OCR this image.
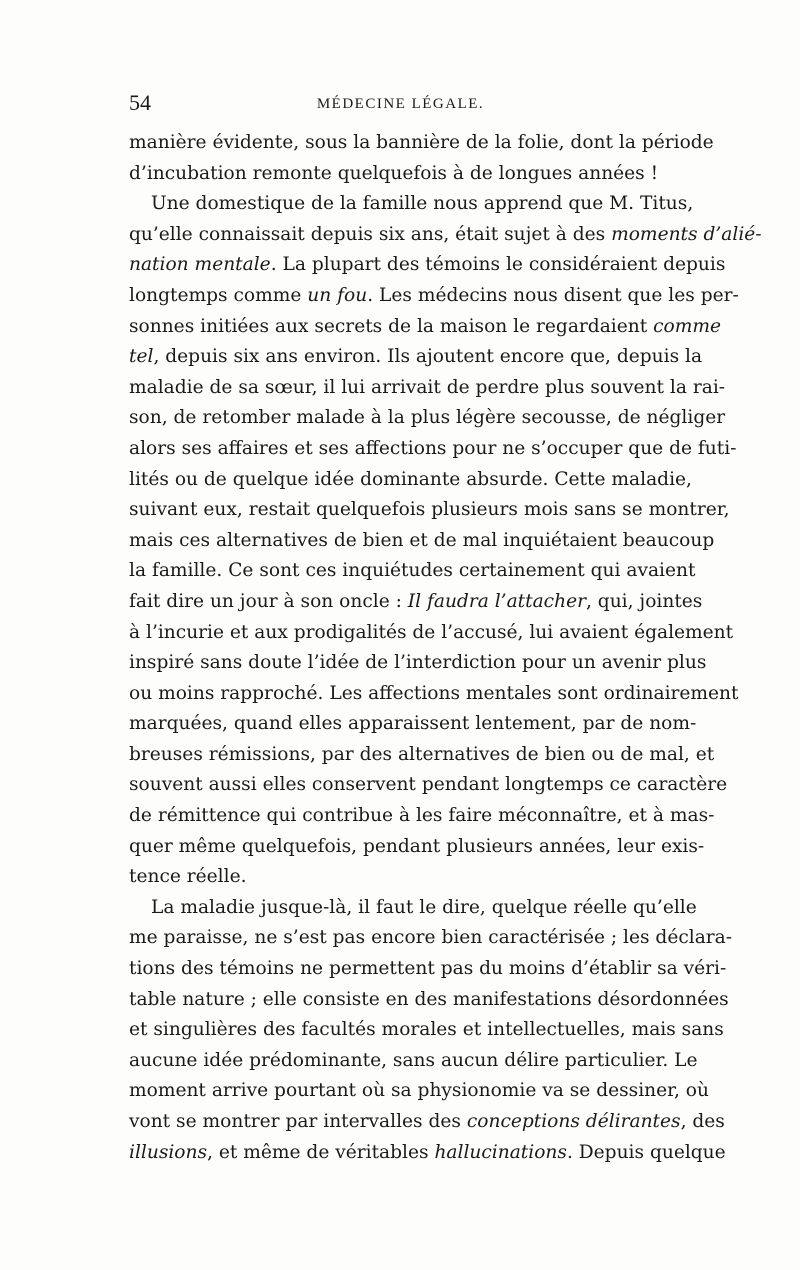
54	MÉDECINE LÉGALE.
manière évidente, sous la bannière de la folie, dont la période
d’incubation remonte quelquefois à de longues années !
Une domestique de la famille nous apprend que M. Titus,
qu’elle connaissait depuis six ans, était sujet à des moments d’alié-
nation mentale. La plupart des témoins le considéraient depuis
longtemps comme un fou. Les médecins nous disent que les per-
sonnes initiées aux secrets de la maison le regardaient comme
tel, depuis six ans environ. Ils ajoutent encore que, depuis la
maladie de sa sœur, il lui arrivait de perdre plus souvent la rai-
son, de retomber malade à la plus légère secousse, de négliger
alors ses affaires et ses affections pour ne s’occuper que de futi-
lités ou de quelque idée dominante absurde. Cette maladie,
suivant eux, restait quelquefois plusieurs mois sans se montrer,
mais ces alternatives de bien et de mal inquiétaient beaucoup
la famille. Ce sont ces inquiétudes certainement qui avaient
fait dire un jour à son oncle : Il faudra l’attacher, qui, jointes
à l’incurie et aux prodigalités de l’accusé, lui avaient également
inspiré sans doute l’idée de l’interdiction pour un avenir plus
ou moins rapproché. Les affections mentales sont ordinairement
marquées, quand elles apparaissent lentement, par de nom-
breuses rémissions, par des alternatives de bien ou de mal, et
souvent aussi elles conservent pendant longtemps ce caractère
de rémittence qui contribue à les faire méconnaître, et à mas-
quer même quelquefois, pendant plusieurs années, leur exis-
tence réelle.
La maladie jusque-là, il faut le dire, quelque réelle qu’elle
me paraisse, ne s’est pas encore bien caractérisée ; les déclara-
tions des témoins ne permettent pas du moins d’établir sa véri-
table nature ; elle consiste en des manifestations désordonnées
et singulières des facultés morales et intellectuelles, mais sans
aucune idée prédominante, sans aucun délire particulier. Le
moment arrive pourtant où sa physionomie va se dessiner, où
vont se montrer par intervalles des conceptions délirantes, des
illusions, et même de véritables hallucinations. Depuis quelque
